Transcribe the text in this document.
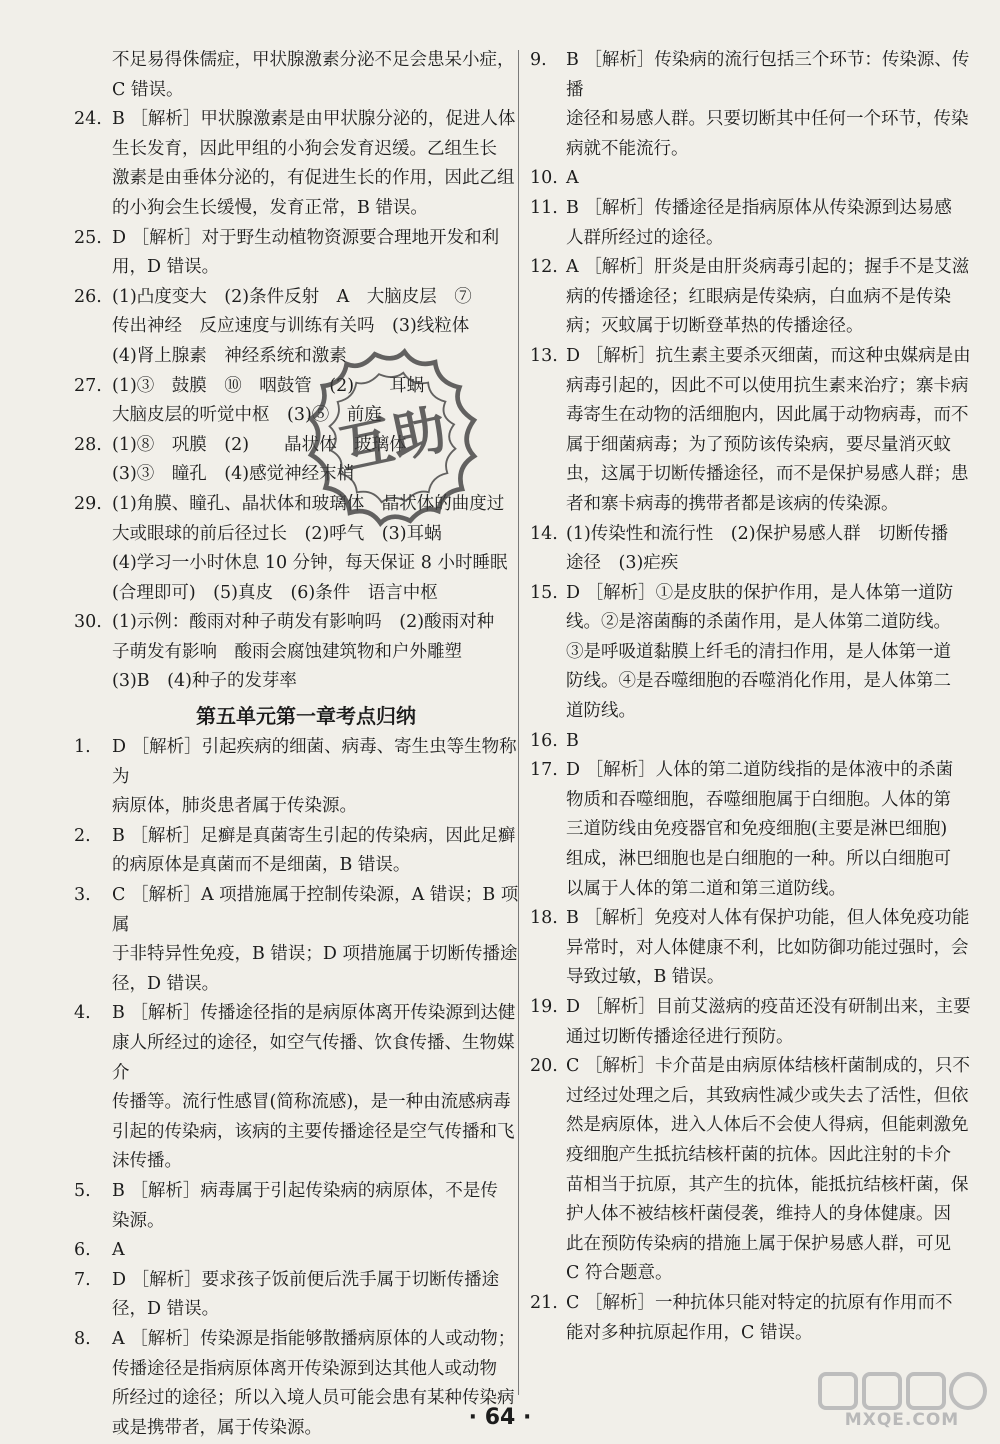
不足易得侏儒症，甲状腺激素分泌不足会患呆小症，

C 错误。

24. B ［解析］甲状腺激素是由甲状腺分泌的，促进人体

生长发育，因此甲组的小狗会发育迟缓。乙组生长

激素是由垂体分泌的，有促进生长的作用，因此乙组

的小狗会生长缓慢，发育正常，B 错误。

25. D ［解析］对于野生动植物资源要合理地开发和利

用，D 错误。

26. (1)凸度变大　(2)条件反射　A　大脑皮层　⑦

传出神经　反应速度与训练有关吗　(3)线粒体

(4)肾上腺素　神经系统和激素

27. (1)③　鼓膜　⑩　咽鼓管　(2)　　耳蜗

大脑皮层的听觉中枢　(3)⑤　前庭

28. (1)⑧　巩膜　(2)　　晶状体　玻璃体

(3)③　瞳孔　(4)感觉神经末梢

29. (1)角膜、瞳孔、晶状体和玻璃体　晶状体的曲度过

大或眼球的前后径过长　(2)呼气　(3)耳蜗

(4)学习一小时休息 10 分钟，每天保证 8 小时睡眠

(合理即可)　(5)真皮　(6)条件　语言中枢

30. (1)示例：酸雨对种子萌发有影响吗　(2)酸雨对种

子萌发有影响　酸雨会腐蚀建筑物和户外雕塑

(3)B　(4)种子的发芽率

第五单元第一章考点归纳

1. D ［解析］引起疾病的细菌、病毒、寄生虫等生物称为

病原体，肺炎患者属于传染源。

2. B ［解析］足癣是真菌寄生引起的传染病，因此足癣

的病原体是真菌而不是细菌，B 错误。

3. C ［解析］A 项措施属于控制传染源，A 错误；B 项属

于非特异性免疫，B 错误；D 项措施属于切断传播途

径，D 错误。

4. B ［解析］传播途径指的是病原体离开传染源到达健

康人所经过的途径，如空气传播、饮食传播、生物媒介

传播等。流行性感冒(简称流感)，是一种由流感病毒

引起的传染病，该病的主要传播途径是空气传播和飞

沫传播。

5. B ［解析］病毒属于引起传染病的病原体，不是传

染源。

6. A

7. D ［解析］要求孩子饭前便后洗手属于切断传播途

径，D 错误。

8. A ［解析］传染源是指能够散播病原体的人或动物；

传播途径是指病原体离开传染源到达其他人或动物

所经过的途径；所以入境人员可能会患有某种传染病

或是携带者，属于传染源。

9. B ［解析］传染病的流行包括三个环节：传染源、传播

途径和易感人群。只要切断其中任何一个环节，传染

病就不能流行。

10. A

11. B ［解析］传播途径是指病原体从传染源到达易感

人群所经过的途径。

12. A ［解析］肝炎是由肝炎病毒引起的；握手不是艾滋

病的传播途径；红眼病是传染病，白血病不是传染

病；灭蚊属于切断登革热的传播途径。

13. D ［解析］抗生素主要杀灭细菌，而这种虫媒病是由

病毒引起的，因此不可以使用抗生素来治疗；寨卡病

毒寄生在动物的活细胞内，因此属于动物病毒，而不

属于细菌病毒；为了预防该传染病，要尽量消灭蚊

虫，这属于切断传播途径，而不是保护易感人群；患

者和寨卡病毒的携带者都是该病的传染源。

14. (1)传染性和流行性　(2)保护易感人群　切断传播

途径　(3)疟疾

15. D ［解析］①是皮肤的保护作用，是人体第一道防

线。②是溶菌酶的杀菌作用，是人体第二道防线。

③是呼吸道黏膜上纤毛的清扫作用，是人体第一道

防线。④是吞噬细胞的吞噬消化作用，是人体第二

道防线。

16. B

17. D ［解析］人体的第二道防线指的是体液中的杀菌

物质和吞噬细胞，吞噬细胞属于白细胞。人体的第

三道防线由免疫器官和免疫细胞(主要是淋巴细胞)

组成，淋巴细胞也是白细胞的一种。所以白细胞可

以属于人体的第二道和第三道防线。

18. B ［解析］免疫对人体有保护功能，但人体免疫功能

异常时，对人体健康不利，比如防御功能过强时，会

导致过敏，B 错误。

19. D ［解析］目前艾滋病的疫苗还没有研制出来，主要

通过切断传播途径进行预防。

20. C ［解析］卡介苗是由病原体结核杆菌制成的，只不

过经过处理之后，其致病性减少或失去了活性，但依

然是病原体，进入人体后不会使人得病，但能刺激免

疫细胞产生抵抗结核杆菌的抗体。因此注射的卡介

苗相当于抗原，其产生的抗体，能抵抗结核杆菌，保

护人体不被结核杆菌侵袭，维持人的身体健康。因

此在预防传染病的措施上属于保护易感人群，可见

C 符合题意。

21. C ［解析］一种抗体只能对特定的抗原有作用而不

能对多种抗原起作用，C 错误。

互助
· 64 ·	MXQE.COM
